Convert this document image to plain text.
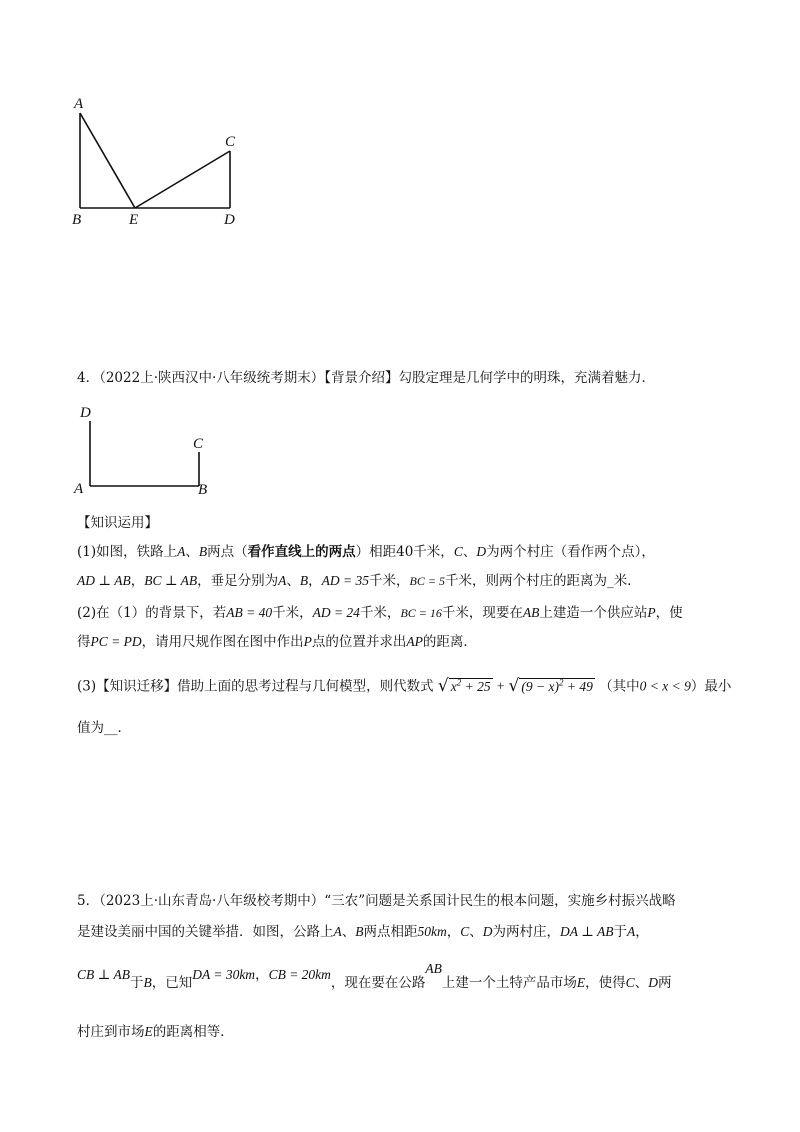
A
B	E
C
D
4．（2022上·陕西汉中·八年级统考期末）【背景介绍】勾股定理是几何学中的明珠，充满着魅力．
D
C
A	B
【知识运用】
(1)如图，铁路上A、B两点（看作直线上的两点）相距40千米，C、D为两个村庄（看作两个点），
AD ⊥ AB，BC ⊥ AB，垂足分别为A、B，AD = 35千米，BC = 5千米，则两个村庄的距离为_米．
(2)在（1）的背景下，若AB = 40千米，AD = 24千米，BC = 16千米，现要在AB上建造一个供应站P，使
得PC = PD，请用尺规作图在图中作出P点的位置并求出AP的距离．
(3)【知识迁移】借助上面的思考过程与几何模型，则代数式 √ $x^2 + 25$ + √ $(9 - x)^2 + 49$ （其中0 < x < 9）最小
值为__．
5．（2023上·山东青岛·八年级校考期中）“三农”问题是关系国计民生的根本问题，实施乡村振兴战略
是建设美丽中国的关键举措．如图，公路上A、B两点相距50km，C、D为两村庄，DA ⊥ AB于A，
CB ⊥ AB于B，已知DA = 30km，CB = 20km，现在要在公路AB上建一个土特产品市场E，使得C、D两
村庄到市场E的距离相等．
